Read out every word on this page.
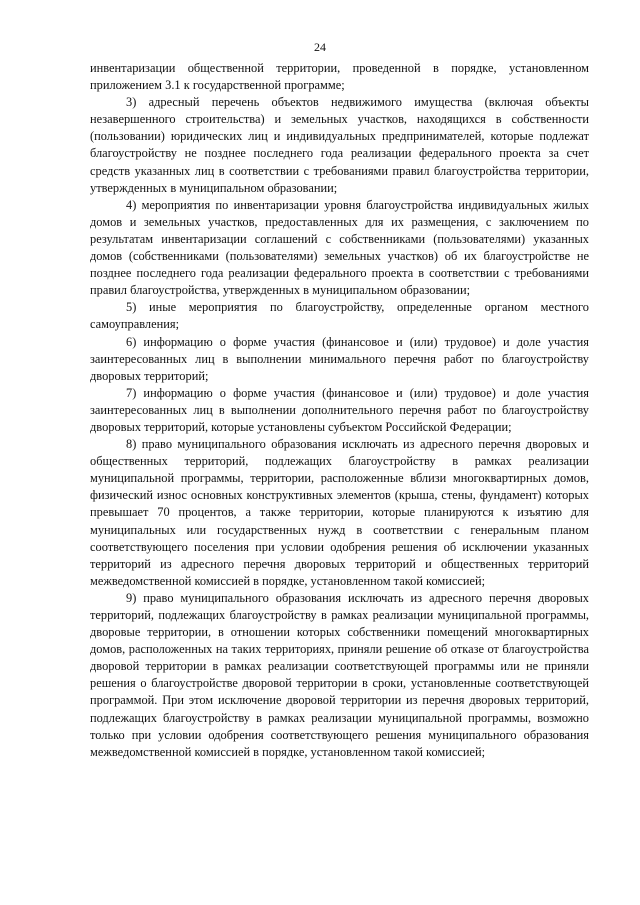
24

инвентаризации общественной территории, проведенной в порядке, установленном приложением 3.1 к государственной программе;

3) адресный перечень объектов недвижимого имущества (включая объекты незавершенного строительства) и земельных участков, находящихся в собственности (пользовании) юридических лиц и индивидуальных предпринимателей, которые подлежат благоустройству не позднее последнего года реализации федерального проекта за счет средств указанных лиц в соответствии с требованиями правил благоустройства территории, утвержденных в муниципальном образовании;

4) мероприятия по инвентаризации уровня благоустройства индивидуальных жилых домов и земельных участков, предоставленных для их размещения, с заключением по результатам инвентаризации соглашений с собственниками (пользователями) указанных домов (собственниками (пользователями) земельных участков) об их благоустройстве не позднее последнего года реализации федерального проекта в соответствии с требованиями правил благоустройства, утвержденных в муниципальном образовании;

5) иные мероприятия по благоустройству, определенные органом местного самоуправления;

6) информацию о форме участия (финансовое и (или) трудовое) и доле участия заинтересованных лиц в выполнении минимального перечня работ по благоустройству дворовых территорий;

7) информацию о форме участия (финансовое и (или) трудовое) и доле участия заинтересованных лиц в выполнении дополнительного перечня работ по благоустройству дворовых территорий, которые установлены субъектом Российской Федерации;

8) право муниципального образования исключать из адресного перечня дворовых и общественных территорий, подлежащих благоустройству в рамках реализации муниципальной программы, территории, расположенные вблизи многоквартирных домов, физический износ основных конструктивных элементов (крыша, стены, фундамент) которых превышает 70 процентов, а также территории, которые планируются к изъятию для муниципальных или государственных нужд в соответствии с генеральным планом соответствующего поселения при условии одобрения решения об исключении указанных территорий из адресного перечня дворовых территорий и общественных территорий межведомственной комиссией в порядке, установленном такой комиссией;

9) право муниципального образования исключать из адресного перечня дворовых территорий, подлежащих благоустройству в рамках реализации муниципальной программы, дворовые территории, в отношении которых собственники помещений многоквартирных домов, расположенных на таких территориях, приняли решение об отказе от благоустройства дворовой территории в рамках реализации соответствующей программы или не приняли решения о благоустройстве дворовой территории в сроки, установленные соответствующей программой. При этом исключение дворовой территории из перечня дворовых территорий, подлежащих благоустройству в рамках реализации муниципальной программы, возможно только при условии одобрения соответствующего решения муниципального образования межведомственной комиссией в порядке, установленном такой комиссией;
